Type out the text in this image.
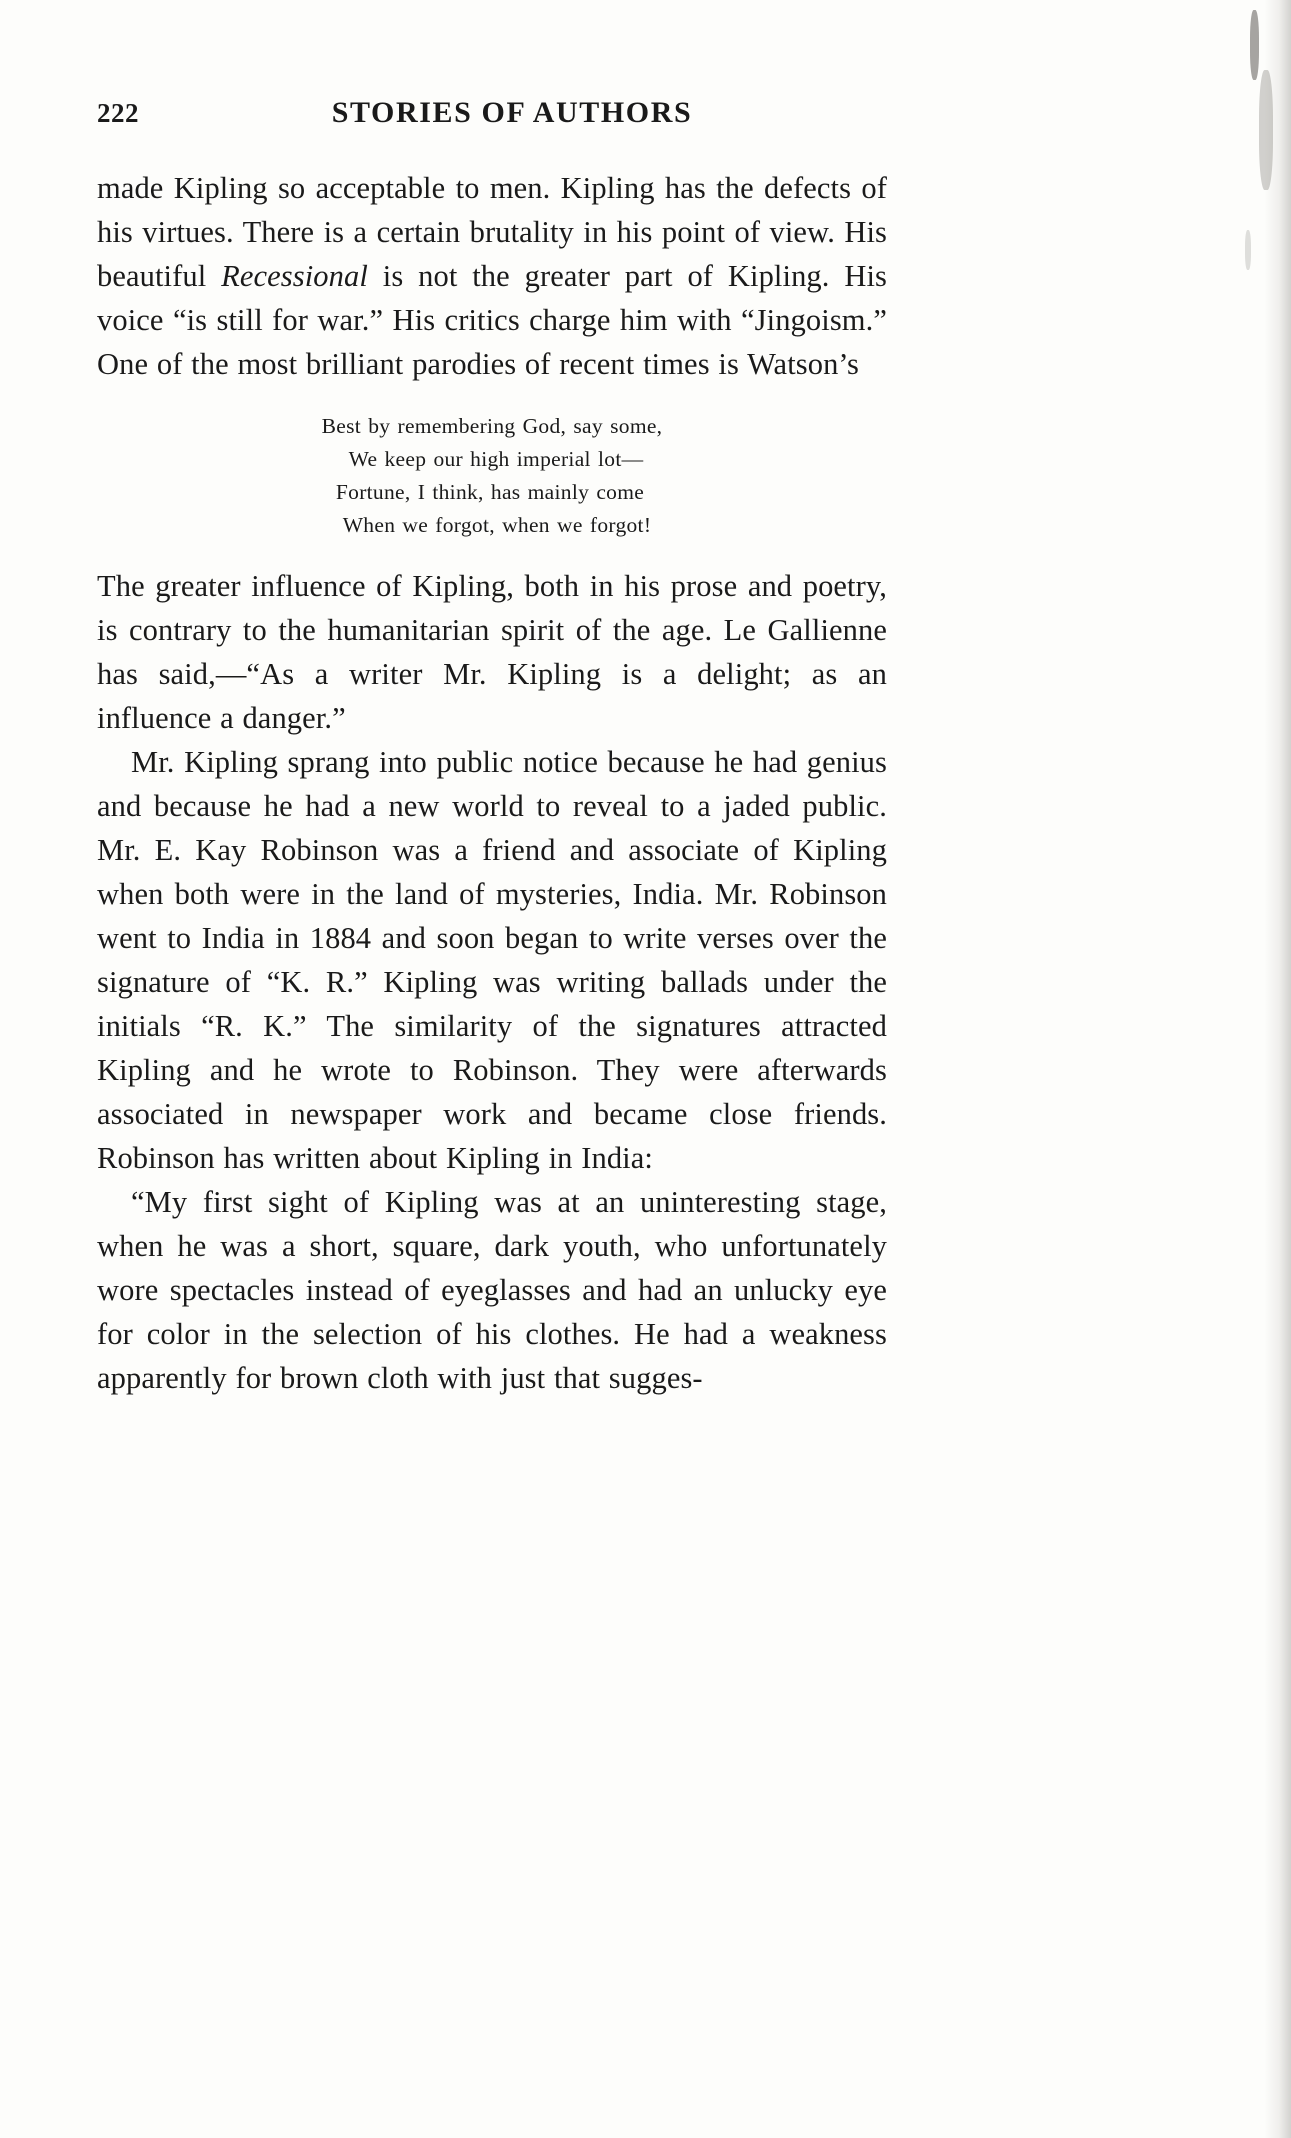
222	STORIES OF AUTHORS

made Kipling so acceptable to men. Kipling has the defects of his virtues. There is a certain brutality in his point of view. His beautiful Recessional is not the greater part of Kipling. His voice “is still for war.” His critics charge him with “Jingoism.” One of the most brilliant parodies of recent times is Watson’s

Best by remembering God, say some,
We keep our high imperial lot—
Fortune, I think, has mainly come
When we forgot, when we forgot!

The greater influence of Kipling, both in his prose and poetry, is contrary to the humanitarian spirit of the age. Le Gallienne has said,—“As a writer Mr. Kipling is a delight; as an influence a danger.”

Mr. Kipling sprang into public notice because he had genius and because he had a new world to reveal to a jaded public. Mr. E. Kay Robinson was a friend and associate of Kipling when both were in the land of mysteries, India. Mr. Robinson went to India in 1884 and soon began to write verses over the signature of “K. R.” Kipling was writing ballads under the initials “R. K.” The similarity of the signatures attracted Kipling and he wrote to Robinson. They were afterwards associated in newspaper work and became close friends. Robinson has written about Kipling in India:

“My first sight of Kipling was at an uninteresting stage, when he was a short, square, dark youth, who unfortunately wore spectacles instead of eyeglasses and had an unlucky eye for color in the selection of his clothes. He had a weakness apparently for brown cloth with just that sugges-
